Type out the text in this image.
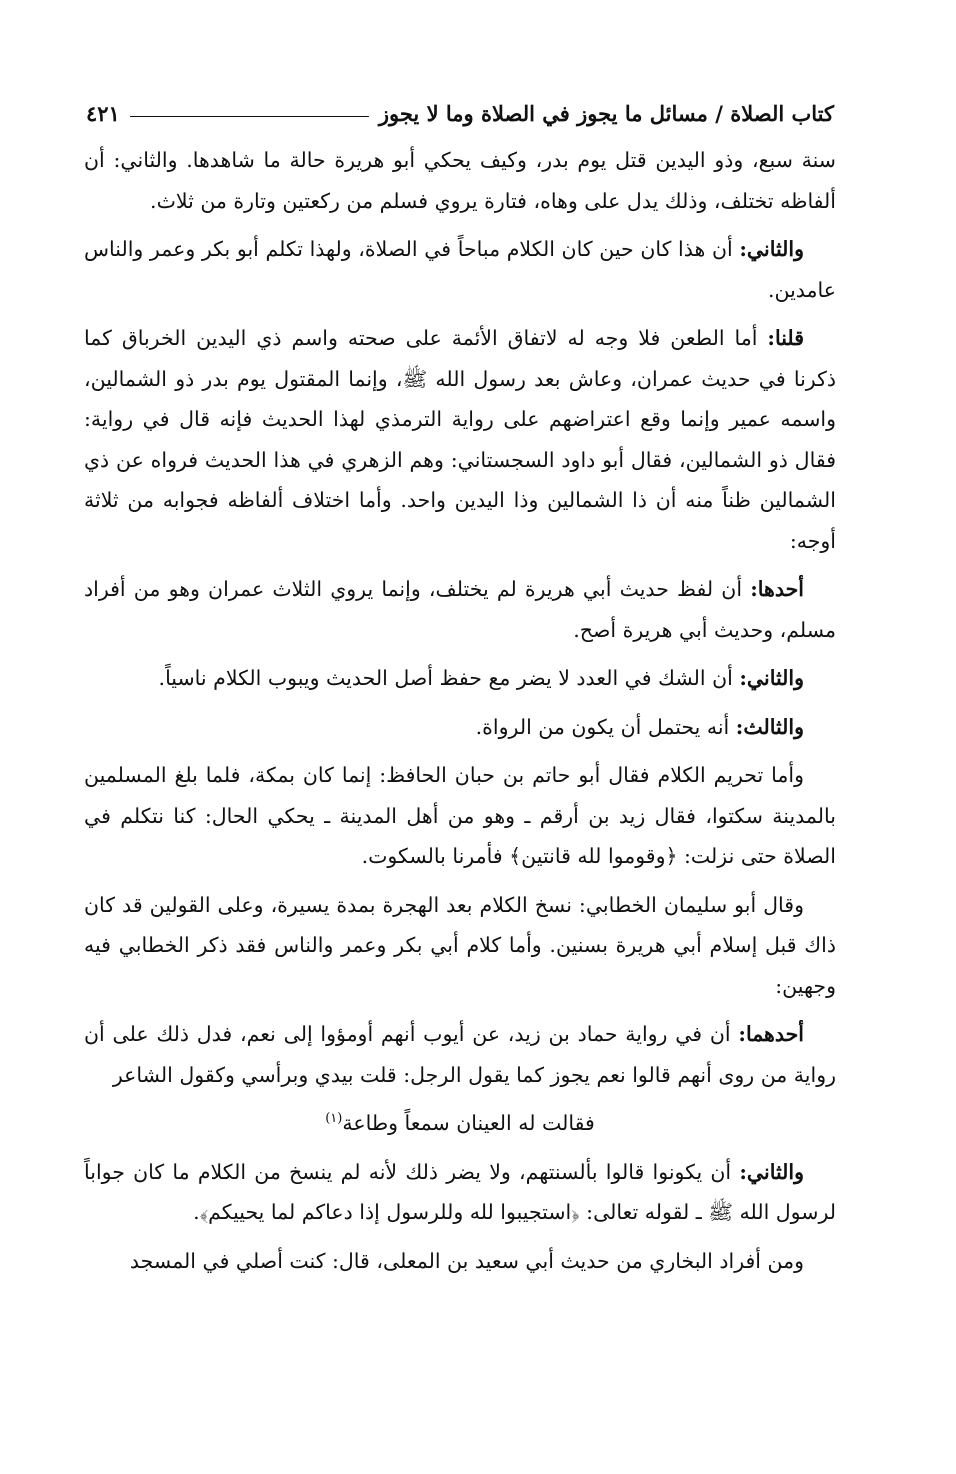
كتاب الصلاة / مسائل ما يجوز في الصلاة وما لا يجوز
٤٢١

سنة سبع، وذو اليدين قتل يوم بدر، وكيف يحكي أبو هريرة حالة ما شاهدها. والثاني: أن ألفاظه تختلف، وذلك يدل على وهاه، فتارة يروي فسلم من ركعتين وتارة من ثلاث.

والثاني: أن هذا كان حين كان الكلام مباحاً في الصلاة، ولهذا تكلم أبو بكر وعمر والناس عامدين.

قلنا: أما الطعن فلا وجه له لاتفاق الأئمة على صحته واسم ذي اليدين الخرباق كما ذكرنا في حديث عمران، وعاش بعد رسول الله ﷺ، وإنما المقتول يوم بدر ذو الشمالين، واسمه عمير وإنما وقع اعتراضهم على رواية الترمذي لهذا الحديث فإنه قال في رواية: فقال ذو الشمالين، فقال أبو داود السجستاني: وهم الزهري في هذا الحديث فرواه عن ذي الشمالين ظناً منه أن ذا الشمالين وذا اليدين واحد. وأما اختلاف ألفاظه فجوابه من ثلاثة أوجه:

أحدها: أن لفظ حديث أبي هريرة لم يختلف، وإنما يروي الثلاث عمران وهو من أفراد مسلم، وحديث أبي هريرة أصح.

والثاني: أن الشك في العدد لا يضر مع حفظ أصل الحديث ويبوب الكلام ناسياً.

والثالث: أنه يحتمل أن يكون من الرواة.

وأما تحريم الكلام فقال أبو حاتم بن حبان الحافظ: إنما كان بمكة، فلما بلغ المسلمين بالمدينة سكتوا، فقال زيد بن أرقم ـ وهو من أهل المدينة ـ يحكي الحال: كنا نتكلم في الصلاة حتى نزلت: ﴿وقوموا لله قانتين﴾ فأمرنا بالسكوت.

وقال أبو سليمان الخطابي: نسخ الكلام بعد الهجرة بمدة يسيرة، وعلى القولين قد كان ذاك قبل إسلام أبي هريرة بسنين. وأما كلام أبي بكر وعمر والناس فقد ذكر الخطابي فيه وجهين:

أحدهما: أن في رواية حماد بن زيد، عن أيوب أنهم أومؤوا إلى نعم، فدل ذلك على أن رواية من روى أنهم قالوا نعم يجوز كما يقول الرجل: قلت بيدي وبرأسي وكقول الشاعر

فقالت له العينان سمعاً وطاعة$^{(١)}$

والثاني: أن يكونوا قالوا بألسنتهم، ولا يضر ذلك لأنه لم ينسخ من الكلام ما كان جواباً لرسول الله ﷺ ـ لقوله تعالى: ﴿استجيبوا لله وللرسول إذا دعاكم لما يحييكم﴾.

ومن أفراد البخاري من حديث أبي سعيد بن المعلى، قال: كنت أصلي في المسجد
